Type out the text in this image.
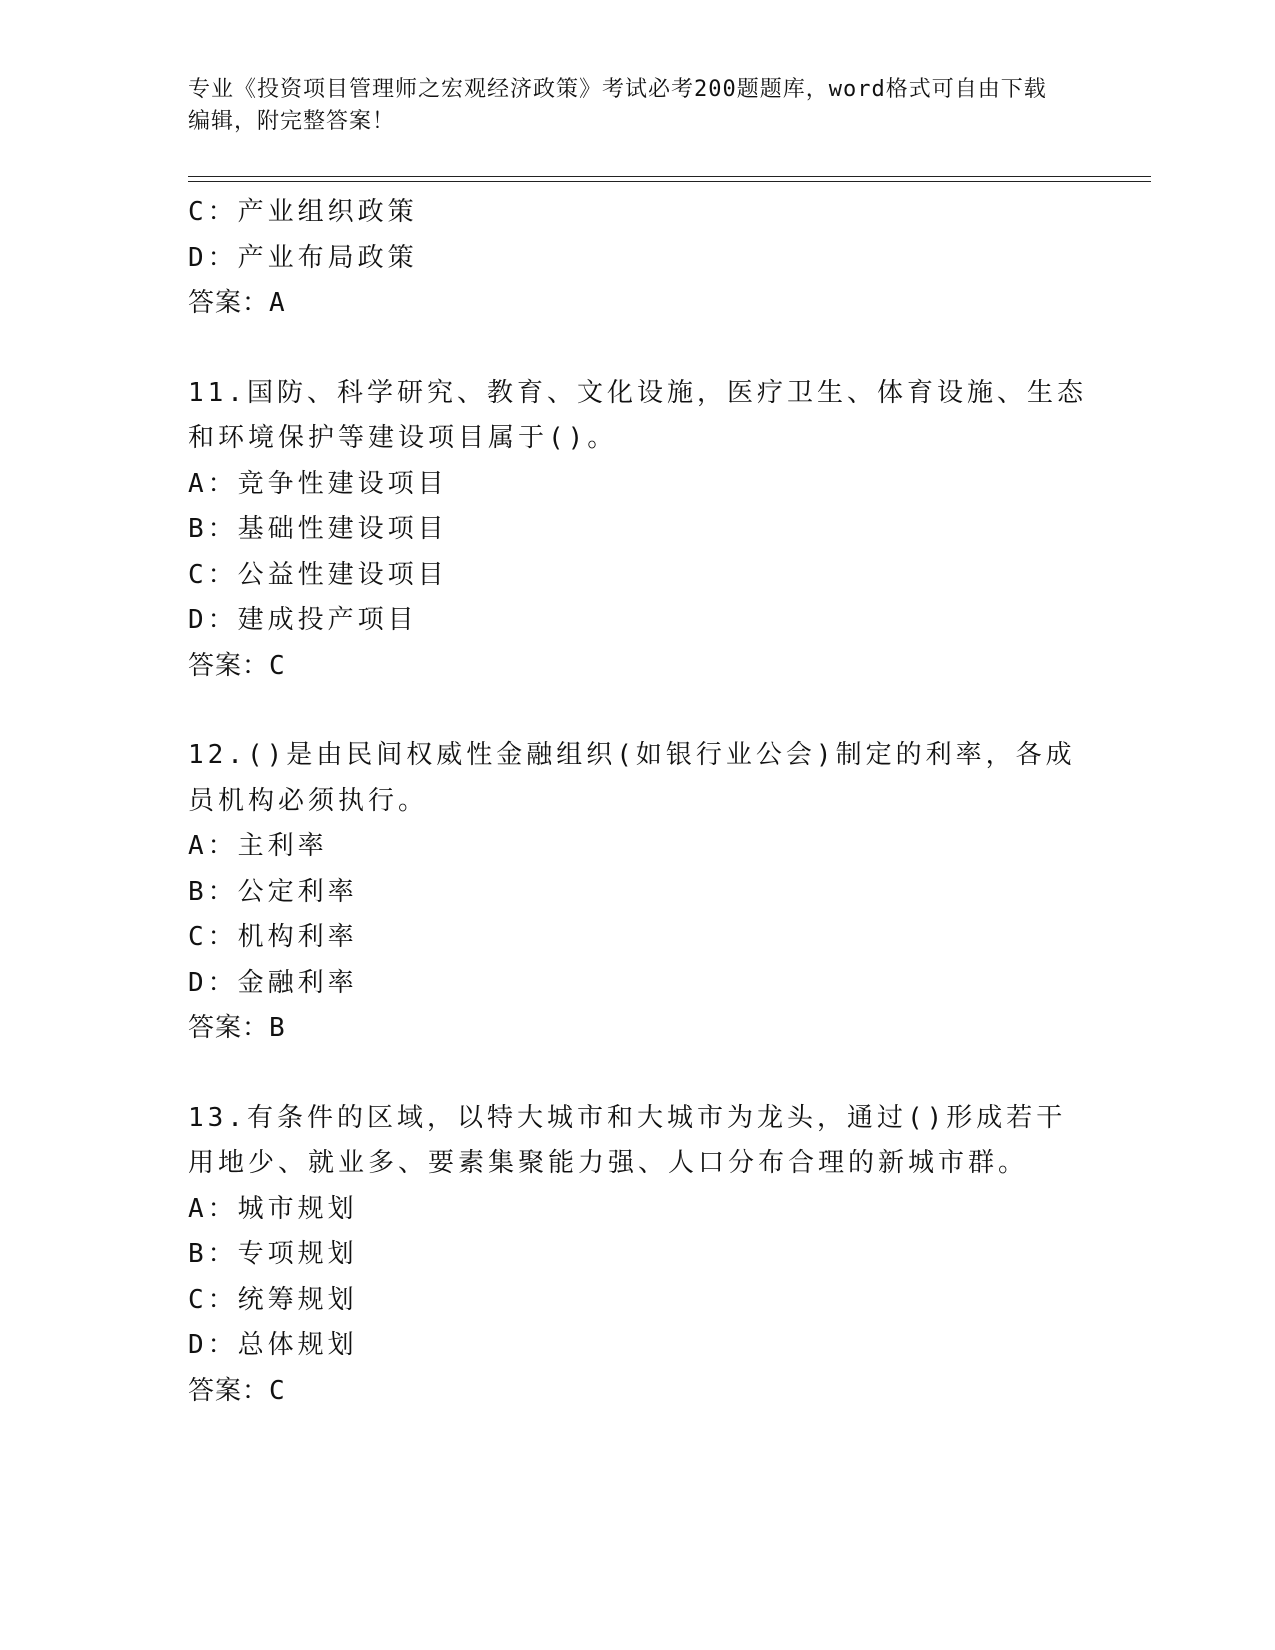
专业《投资项目管理师之宏观经济政策》考试必考200题题库，word格式可自由下载编辑，附完整答案！
C：产业组织政策
D：产业布局政策
答案：A
11.国防、科学研究、教育、文化设施，医疗卫生、体育设施、生态和环境保护等建设项目属于()。
A：竞争性建设项目
B：基础性建设项目
C：公益性建设项目
D：建成投产项目
答案：C
12.()是由民间权威性金融组织(如银行业公会)制定的利率，各成员机构必须执行。
A：主利率
B：公定利率
C：机构利率
D：金融利率
答案：B
13.有条件的区域，以特大城市和大城市为龙头，通过()形成若干用地少、就业多、要素集聚能力强、人口分布合理的新城市群。
A：城市规划
B：专项规划
C：统筹规划
D：总体规划
答案：C
